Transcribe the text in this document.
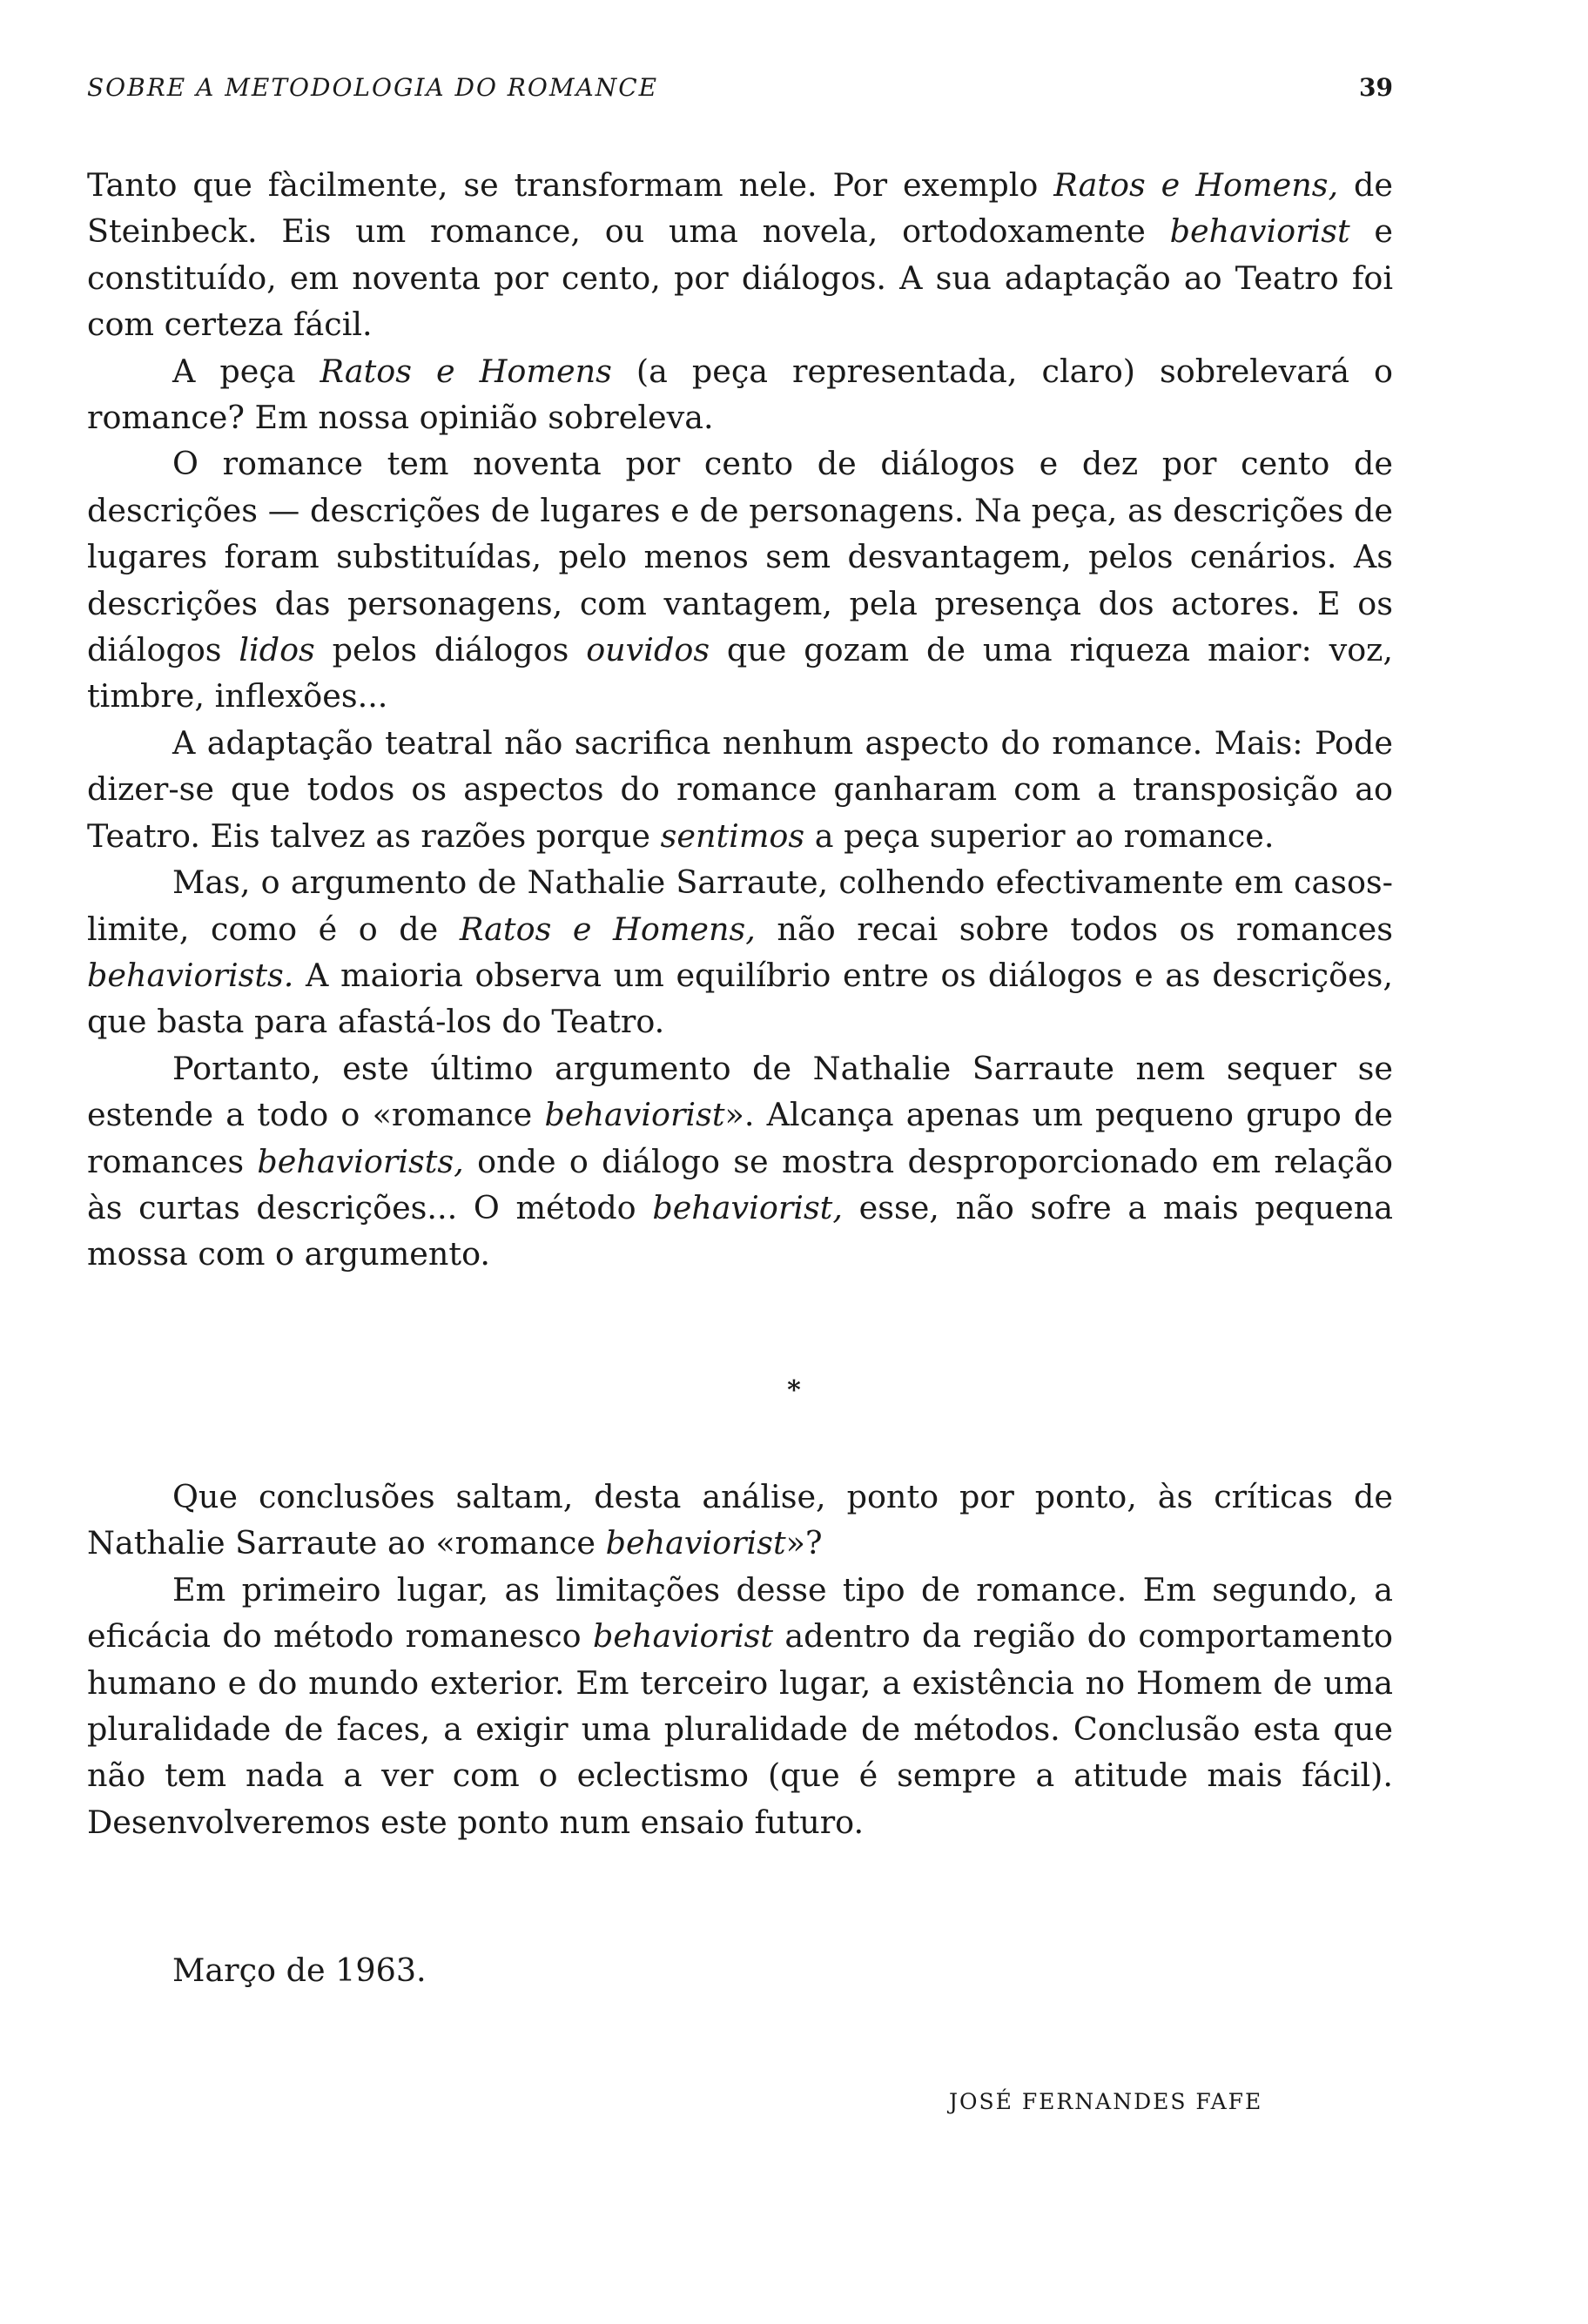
SOBRE A METODOLOGIA DO ROMANCE	39

Tanto que fàcilmente, se transformam nele. Por exemplo Ratos e Homens, de Steinbeck. Eis um romance, ou uma novela, ortodoxamente behaviorist e constituído, em noventa por cento, por diálogos. A sua adaptação ao Teatro foi com certeza fácil.

A peça Ratos e Homens (a peça representada, claro) sobrelevará o romance? Em nossa opinião sobreleva.

O romance tem noventa por cento de diálogos e dez por cento de descrições — descrições de lugares e de personagens. Na peça, as descrições de lugares foram substituídas, pelo menos sem desvantagem, pelos cenários. As descrições das personagens, com vantagem, pela presença dos actores. E os diálogos lidos pelos diálogos ouvidos que gozam de uma riqueza maior: voz, timbre, inflexões...

A adaptação teatral não sacrifica nenhum aspecto do romance. Mais: Pode dizer-se que todos os aspectos do romance ganharam com a transposição ao Teatro. Eis talvez as razões porque sentimos a peça superior ao romance.

Mas, o argumento de Nathalie Sarraute, colhendo efectivamente em casos-limite, como é o de Ratos e Homens, não recai sobre todos os romances behaviorists. A maioria observa um equilíbrio entre os diálogos e as descrições, que basta para afastá-los do Teatro.

Portanto, este último argumento de Nathalie Sarraute nem sequer se estende a todo o «romance behaviorist». Alcança apenas um pequeno grupo de romances behaviorists, onde o diálogo se mostra desproporcionado em relação às curtas descrições... O método behaviorist, esse, não sofre a mais pequena mossa com o argumento.

*

Que conclusões saltam, desta análise, ponto por ponto, às críticas de Nathalie Sarraute ao «romance behaviorist»?

Em primeiro lugar, as limitações desse tipo de romance. Em segundo, a eficácia do método romanesco behaviorist adentro da região do comportamento humano e do mundo exterior. Em terceiro lugar, a existência no Homem de uma pluralidade de faces, a exigir uma pluralidade de métodos. Conclusão esta que não tem nada a ver com o eclectismo (que é sempre a atitude mais fácil). Desenvolveremos este ponto num ensaio futuro.

Março de 1963.
JOSÉ FERNANDES FAFE
